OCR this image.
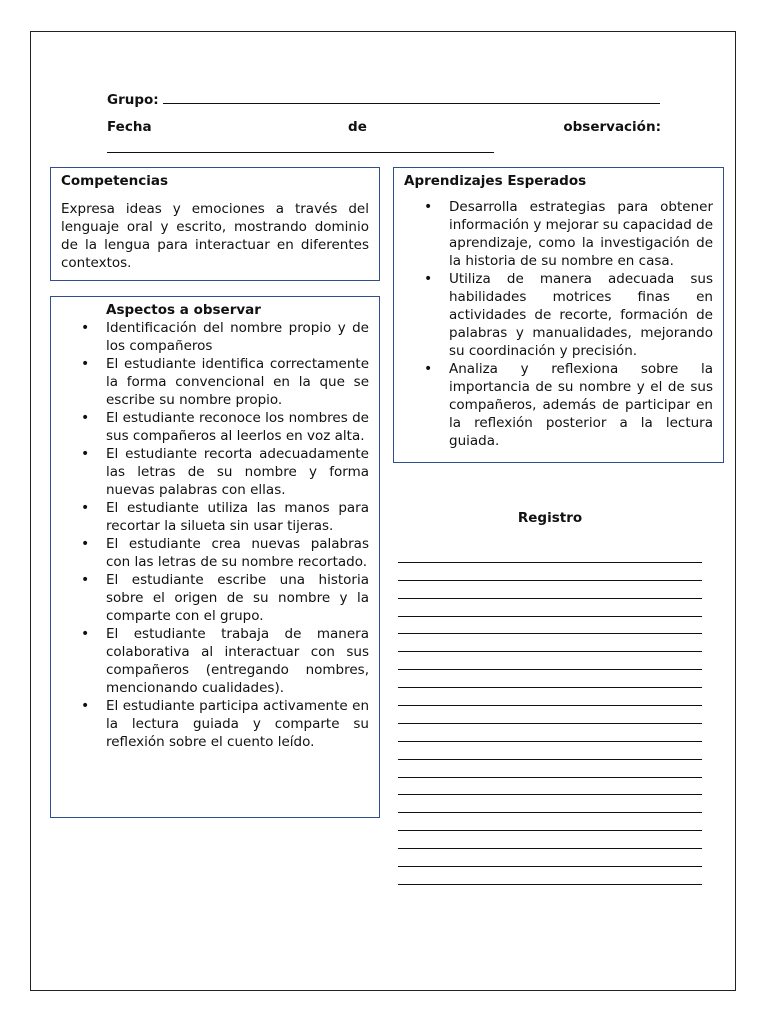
Grupo:
Fecha	de	observación:

Competencias

Expresa ideas y emociones a través del lenguaje oral y escrito, mostrando dominio de la lengua para interactuar en diferentes contextos.

Aprendizajes Esperados

• Desarrolla estrategias para obtener información y mejorar su capacidad de aprendizaje, como la investigación de la historia de su nombre en casa.
• Utiliza de manera adecuada sus habilidades motrices finas en actividades de recorte, formación de palabras y manualidades, mejorando su coordinación y precisión.
• Analiza y reflexiona sobre la importancia de su nombre y el de sus compañeros, además de participar en la reflexión posterior a la lectura guiada.

Aspectos a observar

• Identificación del nombre propio y de los compañeros
• El estudiante identifica correctamente la forma convencional en la que se escribe su nombre propio.
• El estudiante reconoce los nombres de sus compañeros al leerlos en voz alta.
• El estudiante recorta adecuadamente las letras de su nombre y forma nuevas palabras con ellas.
• El estudiante utiliza las manos para recortar la silueta sin usar tijeras.
• El estudiante crea nuevas palabras con las letras de su nombre recortado.
• El estudiante escribe una historia sobre el origen de su nombre y la comparte con el grupo.
• El estudiante trabaja de manera colaborativa al interactuar con sus compañeros (entregando nombres, mencionando cualidades).
• El estudiante participa activamente en la lectura guiada y comparte su reflexión sobre el cuento leído.
Registro
